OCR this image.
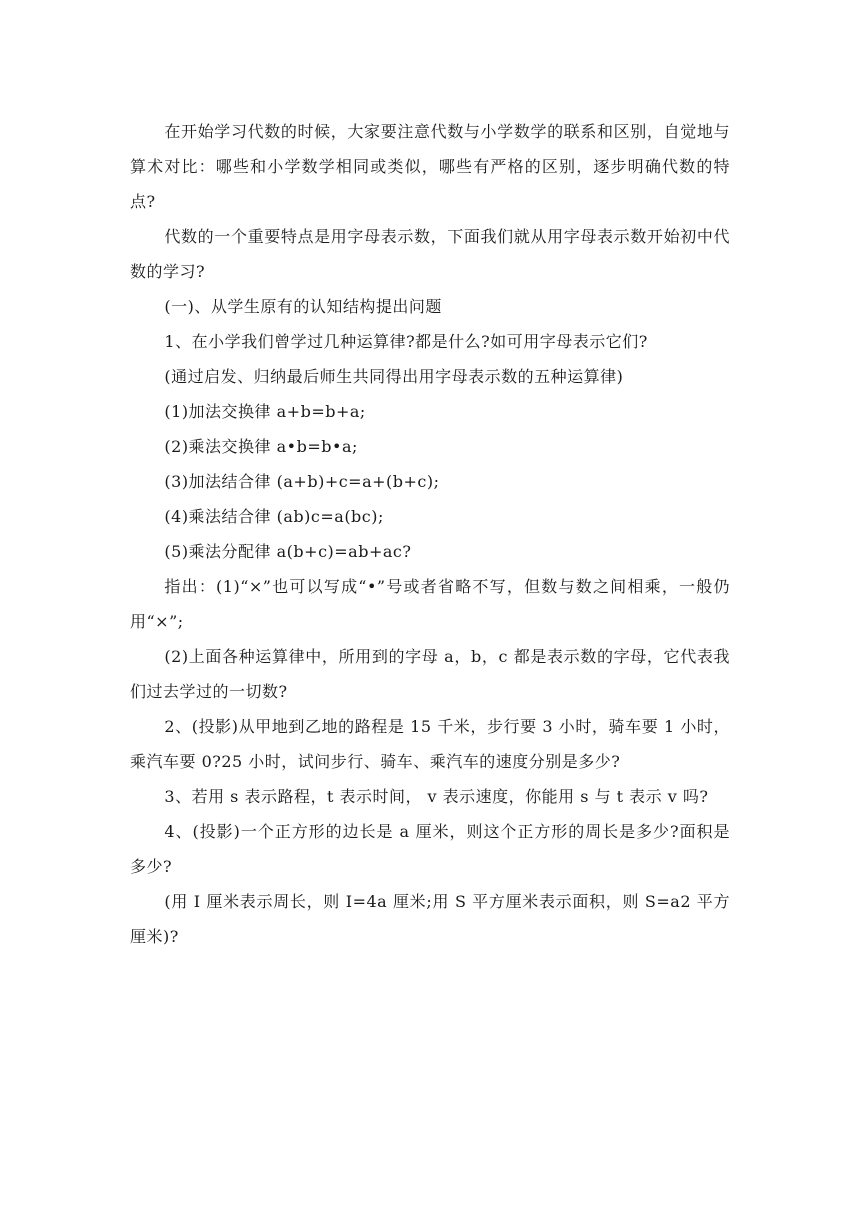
在开始学习代数的时候，大家要注意代数与小学数学的联系和区别，自觉地与算术对比：哪些和小学数学相同或类似，哪些有严格的区别，逐步明确代数的特点?

代数的一个重要特点是用字母表示数，下面我们就从用字母表示数开始初中代数的学习?

(一)、从学生原有的认知结构提出问题

1、在小学我们曾学过几种运算律?都是什么?如可用字母表示它们?

(通过启发、归纳最后师生共同得出用字母表示数的五种运算律)

(1)加法交换律 a+b=b+a;

(2)乘法交换律 a•b=b•a;

(3)加法结合律 (a+b)+c=a+(b+c);

(4)乘法结合律 (ab)c=a(bc);

(5)乘法分配律 a(b+c)=ab+ac?

指出：(1)“×”也可以写成“•”号或者省略不写，但数与数之间相乘，一般仍用“×”;

(2)上面各种运算律中，所用到的字母 a，b，c 都是表示数的字母，它代表我们过去学过的一切数?

2、(投影)从甲地到乙地的路程是 15 千米，步行要 3 小时，骑车要 1 小时，乘汽车要 0?25 小时，试问步行、骑车、乘汽车的速度分别是多少?

3、若用 s 表示路程，t 表示时间， v 表示速度，你能用 s 与 t 表示 v 吗?

4、(投影)一个正方形的边长是 a 厘米，则这个正方形的周长是多少?面积是多少?

(用 I 厘米表示周长，则 I=4a 厘米;用 S 平方厘米表示面积，则 S=a2 平方厘米)?
